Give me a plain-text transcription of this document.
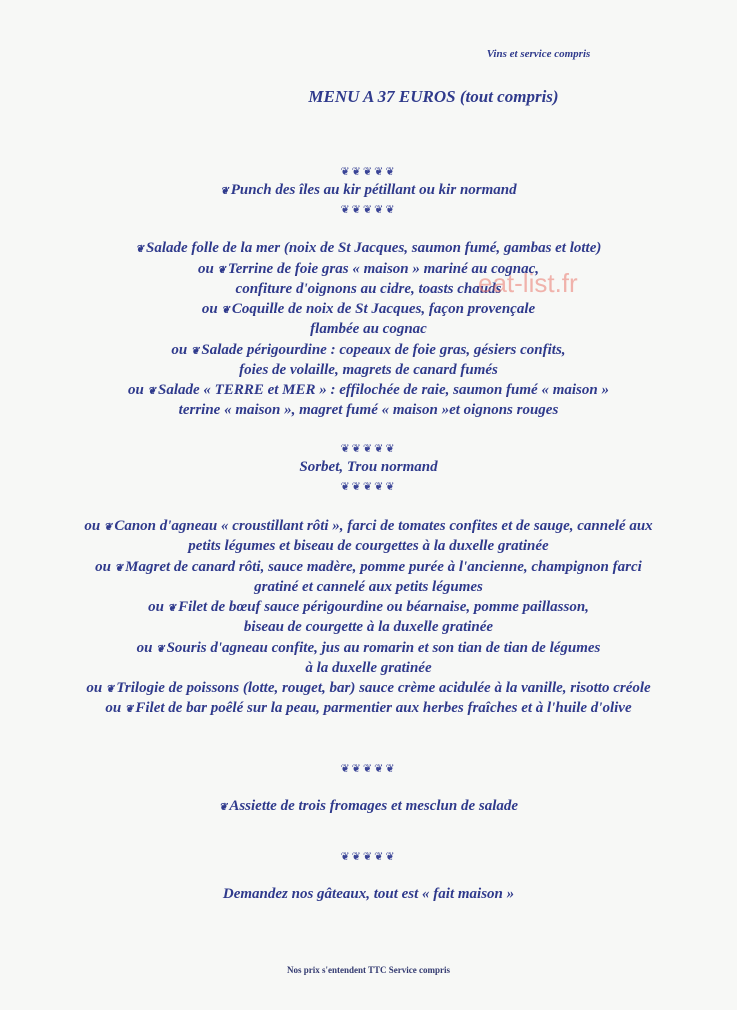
Vins et service compris
MENU A 37 EUROS (tout compris)
❦❦❦❦❦
❦ Punch des îles au kir pétillant ou kir normand
❦❦❦❦❦
❦ Salade folle de la mer (noix de St Jacques, saumon fumé, gambas et lotte)
ou ❦ Terrine de foie gras « maison » mariné au cognac,
confiture d'oignons au cidre, toasts chauds
ou ❦ Coquille de noix de St Jacques, façon provençale
flambée au cognac
ou ❦ Salade périgourdine : copeaux de foie gras, gésiers confits,
foies de volaille, magrets de canard fumés
ou ❦ Salade « TERRE et MER » : effilochée de raie, saumon fumé « maison »
terrine « maison », magret fumé « maison »et oignons rouges
❦❦❦❦❦
Sorbet, Trou normand
❦❦❦❦❦
ou ❦ Canon d'agneau « croustillant rôti », farci de tomates confites et de sauge, cannelé aux
petits légumes et biseau de courgettes à la duxelle gratinée
ou ❦ Magret de canard rôti, sauce madère, pomme purée à l'ancienne, champignon farci
gratiné et cannelé aux petits légumes
ou ❦ Filet de bœuf sauce périgourdine ou béarnaise, pomme paillasson,
biseau de courgette à la duxelle gratinée
ou ❦ Souris d'agneau confite, jus au romarin et son tian de tian de légumes
à la duxelle gratinée
ou ❦ Trilogie de poissons (lotte, rouget, bar) sauce crème acidulée à la vanille, risotto créole
ou ❦ Filet de bar poêlé sur la peau, parmentier aux herbes fraîches et à l'huile d'olive
❦❦❦❦❦
❦ Assiette de trois fromages et mesclun de salade
❦❦❦❦❦
Demandez nos gâteaux, tout est « fait maison »
Nos prix s'entendent TTC Service compris
eat-list.fr
